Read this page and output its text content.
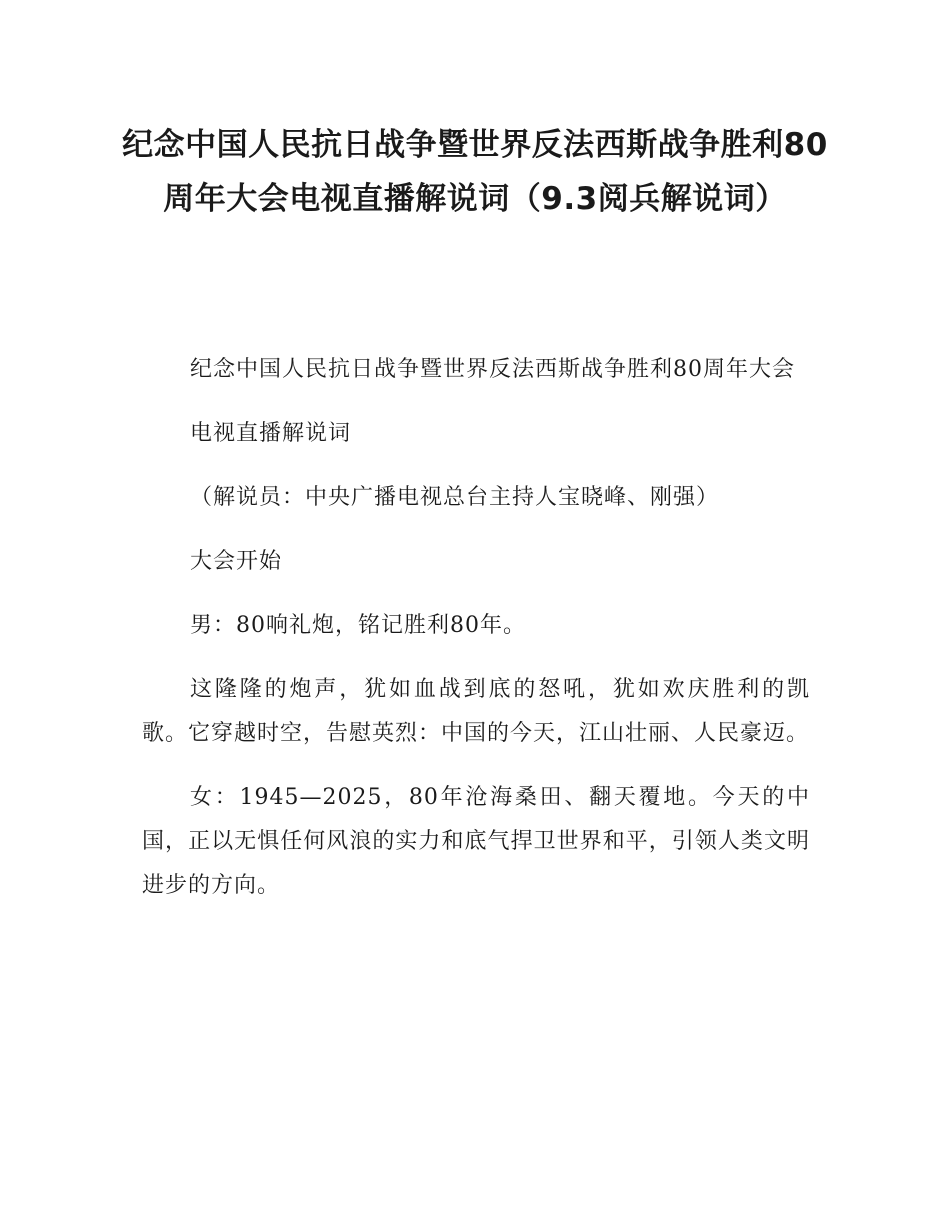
纪念中国人民抗日战争暨世界反法西斯战争胜利80周年大会电视直播解说词（9.3阅兵解说词）

纪念中国人民抗日战争暨世界反法西斯战争胜利80周年大会

电视直播解说词

（解说员：中央广播电视总台主持人宝晓峰、刚强）

大会开始

男：80响礼炮，铭记胜利80年。

这隆隆的炮声，犹如血战到底的怒吼，犹如欢庆胜利的凯歌。它穿越时空，告慰英烈：中国的今天，江山壮丽、人民豪迈。

女：1945—2025，80年沧海桑田、翻天覆地。今天的中国，正以无惧任何风浪的实力和底气捍卫世界和平，引领人类文明进步的方向。
